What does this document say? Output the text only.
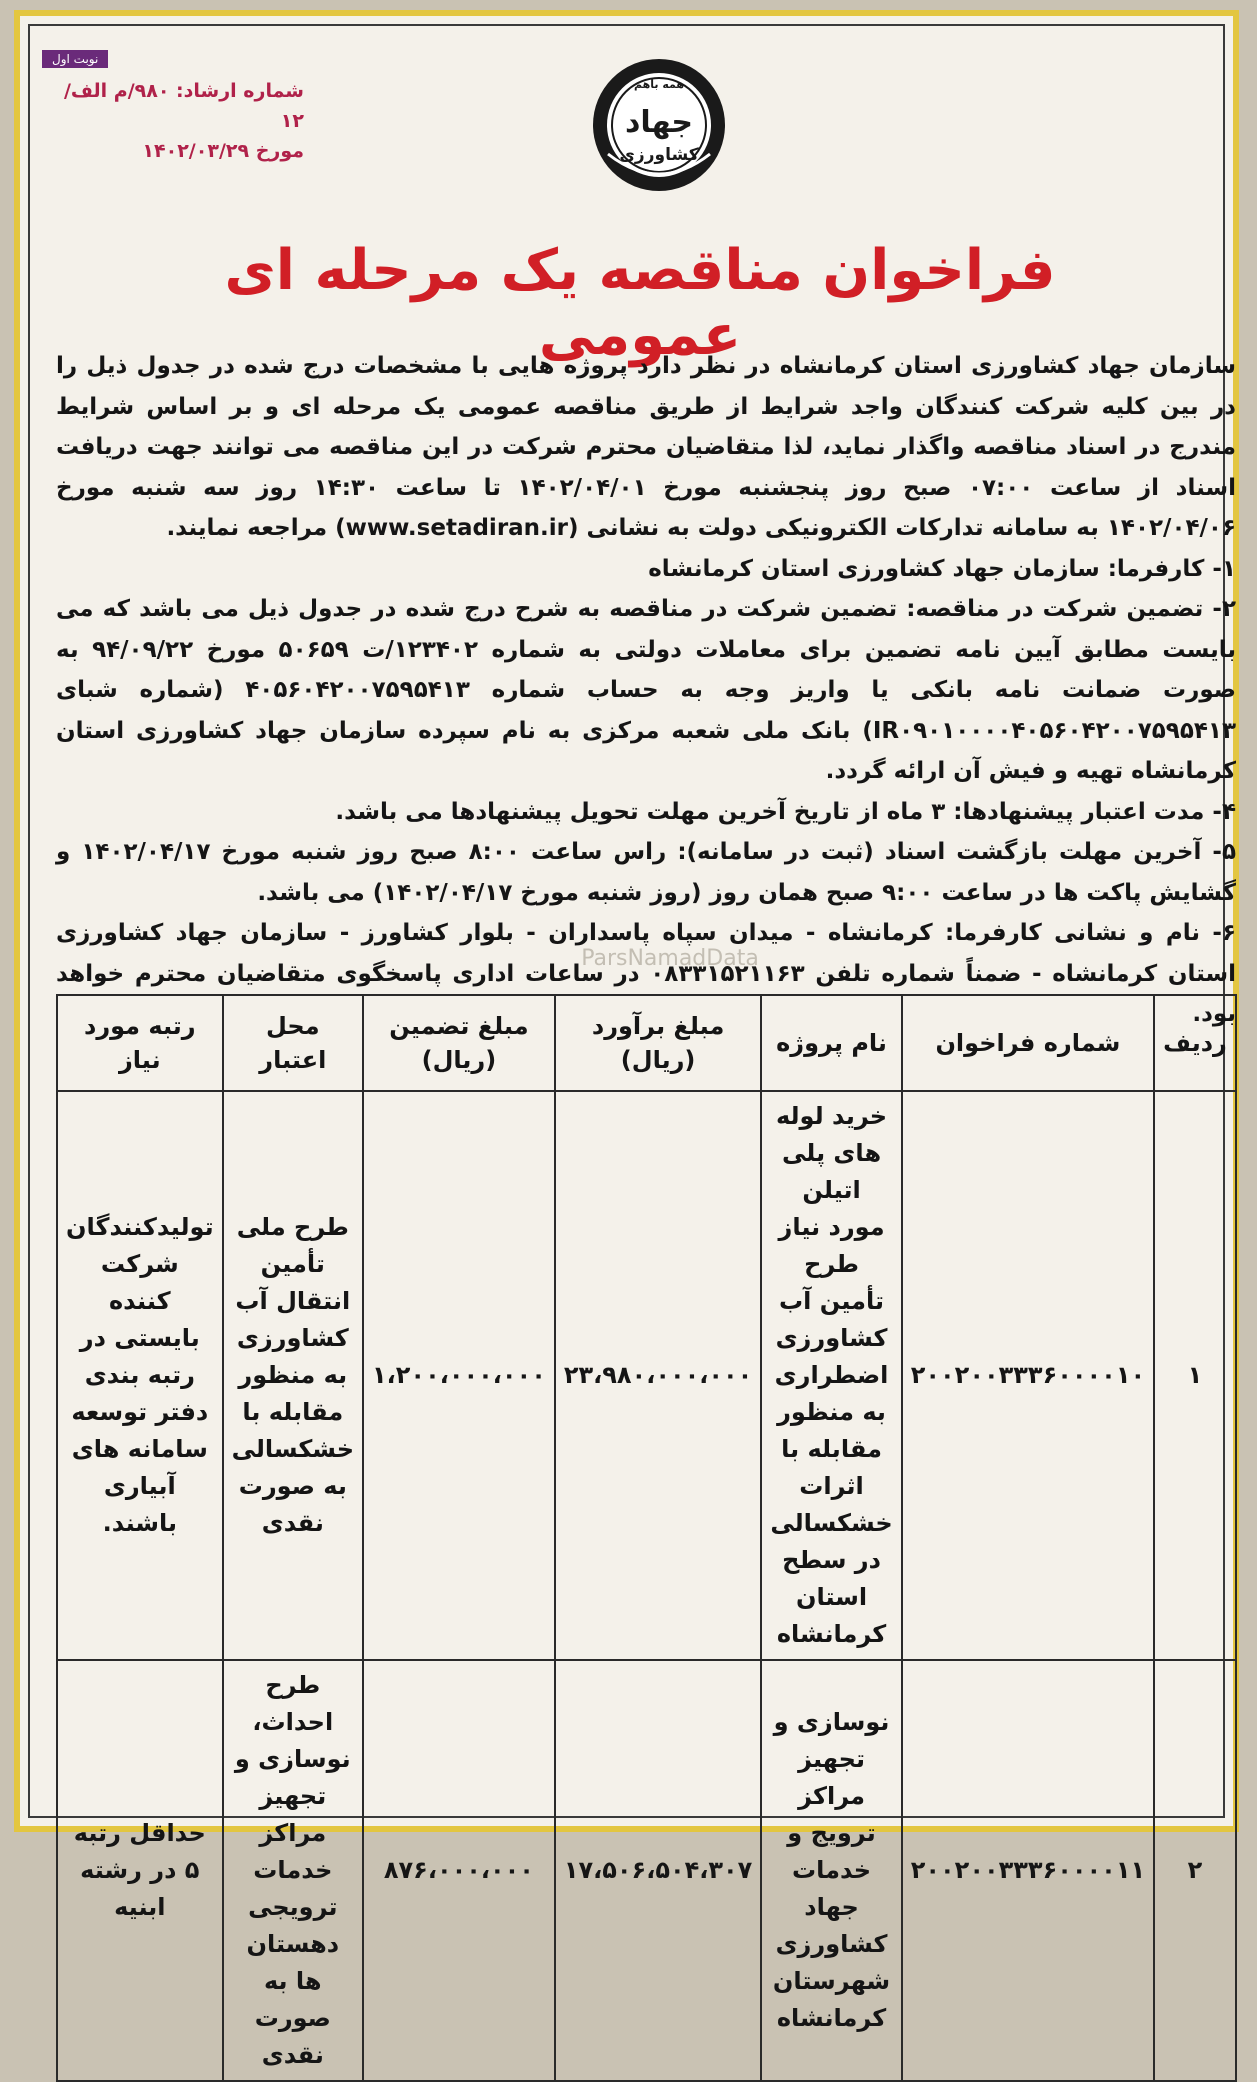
نوبت اول
شماره ارشاد: ۹۸۰/م الف/۱۲
مورخ ۱۴۰۲/۰۳/۲۹
همه باهم
جهاد
کشاورزی
فراخوان مناقصه یک مرحله ای عمومی

سازمان جهاد کشاورزی استان کرمانشاه در نظر دارد پروژه هایی با مشخصات درج شده در جدول ذیل را در بین کلیه شرکت کنندگان واجد شرایط از طریق مناقصه عمومی یک مرحله ای و بر اساس شرایط مندرج در اسناد مناقصه واگذار نماید، لذا متقاضیان محترم شرکت در این مناقصه می توانند جهت دریافت اسناد از ساعت ۰۷:۰۰ صبح روز پنجشنبه مورخ ۱۴۰۲/۰۴/۰۱ تا ساعت ۱۴:۳۰ روز سه شنبه مورخ ۱۴۰۲/۰۴/۰۶ به سامانه تدارکات الکترونیکی دولت به نشانی (www.setadiran.ir) مراجعه نمایند.

۱- کارفرما: سازمان جهاد کشاورزی استان کرمانشاه

۲- تضمین شرکت در مناقصه: تضمین شرکت در مناقصه به شرح درج شده در جدول ذیل می باشد که می بایست مطابق آیین نامه تضمین برای معاملات دولتی به شماره ۱۲۳۴۰۲/ت ۵۰۶۵۹ مورخ ۹۴/۰۹/۲۲ به صورت ضمانت نامه بانکی یا واریز وجه به حساب شماره ۴۰۵۶۰۴۲۰۰۷۵۹۵۴۱۳ (شماره شبای IR۰۹۰۱۰۰۰۰۴۰۵۶۰۴۲۰۰۷۵۹۵۴۱۳) بانک ملی شعبه مرکزی به نام سپرده سازمان جهاد کشاورزی استان کرمانشاه تهیه و فیش آن ارائه گردد.

۴- مدت اعتبار پیشنهادها: ۳ ماه از تاریخ آخرین مهلت تحویل پیشنهادها می باشد.

۵- آخرین مهلت بازگشت اسناد (ثبت در سامانه): راس ساعت ۸:۰۰ صبح روز شنبه مورخ ۱۴۰۲/۰۴/۱۷ و گشایش پاکت ها در ساعت ۹:۰۰ صبح همان روز (روز شنبه مورخ ۱۴۰۲/۰۴/۱۷) می باشد.

۶- نام و نشانی کارفرما: کرمانشاه - میدان سپاه پاسداران - بلوار کشاورز - سازمان جهاد کشاورزی استان کرمانشاه - ضمناً شماره تلفن ۰۸۳۳۱۵۲۱۱۶۳ در ساعات اداری پاسخگوی متقاضیان محترم خواهد بود.

ParsNamadData
ردیف	شماره فراخوان	نام پروژه	مبلغ برآورد (ریال)	مبلغ تضمین (ریال)	محل اعتبار	رتبه مورد نیاز
۱	۲۰۰۲۰۰۳۳۳۶۰۰۰۰۱۰	خرید لوله های پلی اتیلن مورد نیاز طرح تأمین آب کشاورزی اضطراری به منظور مقابله با اثرات خشکسالی در سطح استان کرمانشاه	۲۳،۹۸۰،۰۰۰،۰۰۰	۱،۲۰۰،۰۰۰،۰۰۰	طرح ملی تأمین انتقال آب کشاورزی به منظور مقابله با خشکسالی به صورت نقدی	تولیدکنندگان شرکت کننده بایستی در رتبه بندی دفتر توسعه سامانه های آبیاری باشند.
۲	۲۰۰۲۰۰۳۳۳۶۰۰۰۰۱۱	نوسازی و تجهیز مراکز ترویج و خدمات جهاد کشاورزی شهرستان کرمانشاه	۱۷،۵۰۶،۵۰۴،۳۰۷	۸۷۶،۰۰۰،۰۰۰	طرح احداث، نوسازی و تجهیز مراکز خدمات ترویجی دهستان ها به صورت نقدی	حداقل رتبه ۵ در رشته ابنیه
